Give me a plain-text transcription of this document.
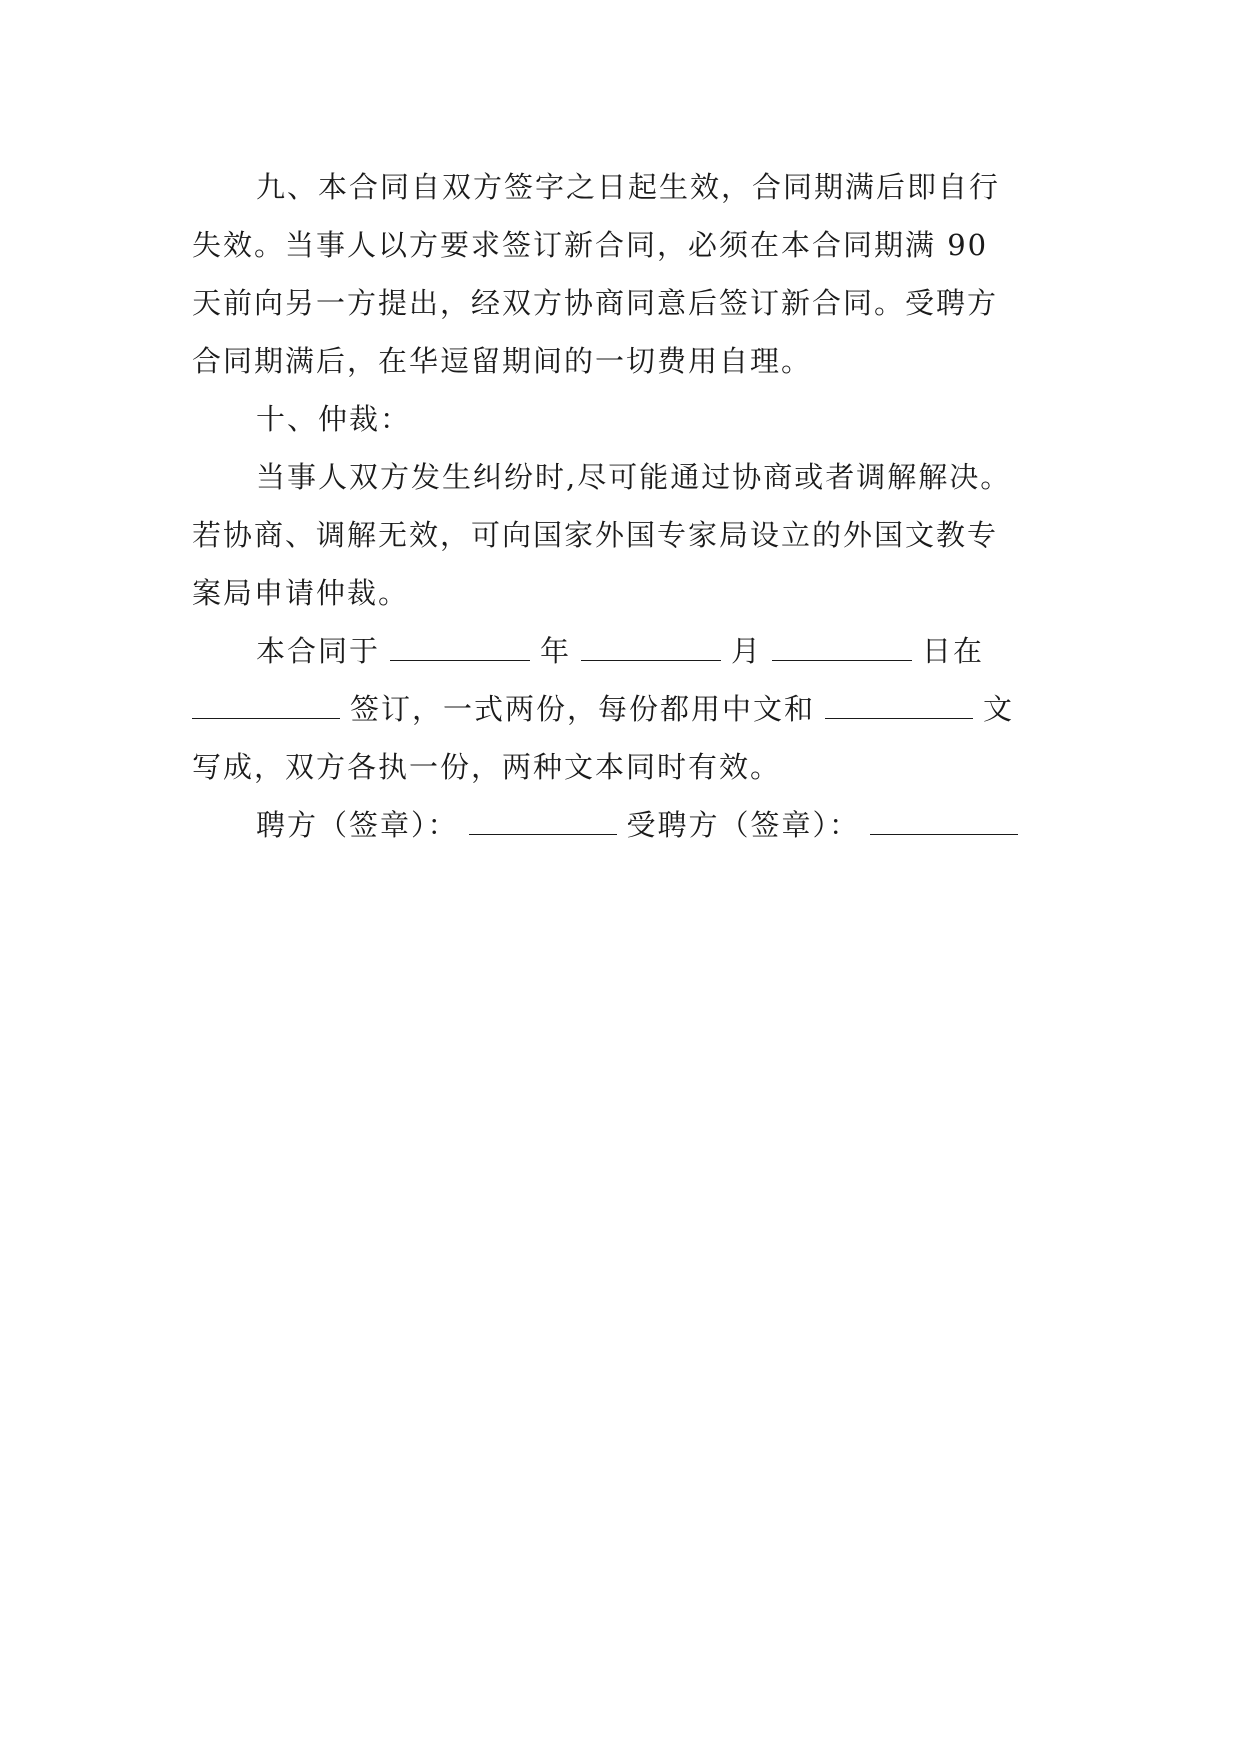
九、本合同自双方签字之日起生效，合同期满后即自行
失效。当事人以方要求签订新合同，必须在本合同期满 90
天前向另一方提出，经双方协商同意后签订新合同。受聘方
合同期满后，在华逗留期间的一切费用自理。
十、仲裁：
当事人双方发生纠纷时,尽可能通过协商或者调解解决。
若协商、调解无效，可向国家外国专家局设立的外国文教专
案局申请仲裁。
本合同于	年	月	日在
签订，一式两份，每份都用中文和	文
写成，双方各执一份，两种文本同时有效。
聘方（签章）：	受聘方（签章）：
